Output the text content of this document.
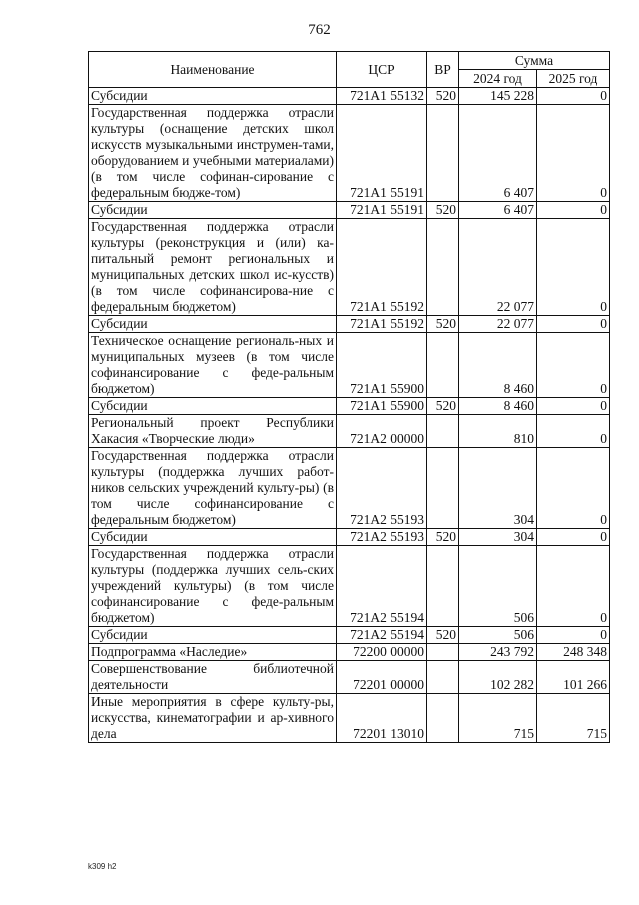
762
Наименование	ЦСР	ВР	Сумма	
			2024 год	2025 год
Субсидии	721А1 55132	520	145 228	0
Государственная поддержка отрасли культуры (оснащение детских школ искусств музыкальными инструмен-тами, оборудованием и учебными материалами) (в том числе софинан-сирование с федеральным бюдже-том)	721А1 55191		6 407	0
Субсидии	721А1 55191	520	6 407	0
Государственная поддержка отрасли культуры (реконструкция и (или) ка-питальный ремонт региональных и муниципальных детских школ ис-кусств) (в том числе софинансирова-ние с федеральным бюджетом)	721А1 55192		22 077	0
Субсидии	721А1 55192	520	22 077	0
Техническое оснащение региональ-ных и муниципальных музеев (в том числе софинансирование с феде-ральным бюджетом)	721А1 55900		8 460	0
Субсидии	721А1 55900	520	8 460	0
Региональный проект Республики Хакасия «Творческие люди»	721А2 00000		810	0
Государственная поддержка отрасли культуры (поддержка лучших работ-ников сельских учреждений культу-ры) (в том числе софинансирование с федеральным бюджетом)	721А2 55193		304	0
Субсидии	721А2 55193	520	304	0
Государственная поддержка отрасли культуры (поддержка лучших сель-ских учреждений культуры) (в том числе софинансирование с феде-ральным бюджетом)	721А2 55194		506	0
Субсидии	721А2 55194	520	506	0
Подпрограмма «Наследие»	72200 00000		243 792	248 348
Совершенствование библиотечной деятельности	72201 00000		102 282	101 266
Иные мероприятия в сфере культу-ры, искусства, кинематографии и ар-хивного дела	72201 13010		715	715
k309 h2
